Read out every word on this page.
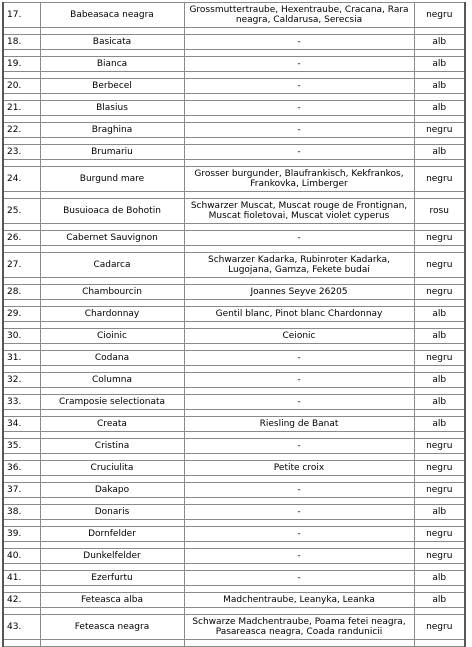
17.	Babeasaca neagra	Grossmuttertraube, Hexentraube, Cracana, Rara neagra, Caldarusa, Serecsia	negru

18.	Basicata	-	alb

19.	Bianca	-	alb

20.	Berbecel	-	alb

21.	Blasius	-	alb

22.	Braghina	-	negru

23.	Brumariu	-	alb

24.	Burgund mare	Grosser burgunder, Blaufrankisch, Kekfrankos, Frankovka, Limberger	negru

25.	Busuioaca de Bohotin	Schwarzer Muscat, Muscat rouge de Frontignan, Muscat fioletovai, Muscat violet cyperus	rosu

26.	Cabernet Sauvignon	-	negru

27.	Cadarca	Schwarzer Kadarka, Rubinroter Kadarka, Lugojana, Gamza, Fekete budai	negru

28.	Chambourcin	Joannes Seyve 26205	negru

29.	Chardonnay	Gentil blanc, Pinot blanc Chardonnay	alb

30.	Cioinic	Ceionic	alb

31.	Codana	-	negru

32.	Columna	-	alb

33.	Cramposie selectionata	-	alb

34.	Creata	Riesling de Banat	alb

35.	Cristina	-	negru

36.	Cruciulita	Petite croix	negru

37.	Dakapo	-	negru

38.	Donaris	-	alb

39.	Dornfelder	-	negru

40.	Dunkelfelder	-	negru

41.	Ezerfurtu	-	alb

42.	Feteasca alba	Madchentraube, Leanyka, Leanka	alb

43.	Feteasca neagra	Schwarze Madchentraube, Poama fetei neagra, Pasareasca neagra, Coada randunicii	negru
